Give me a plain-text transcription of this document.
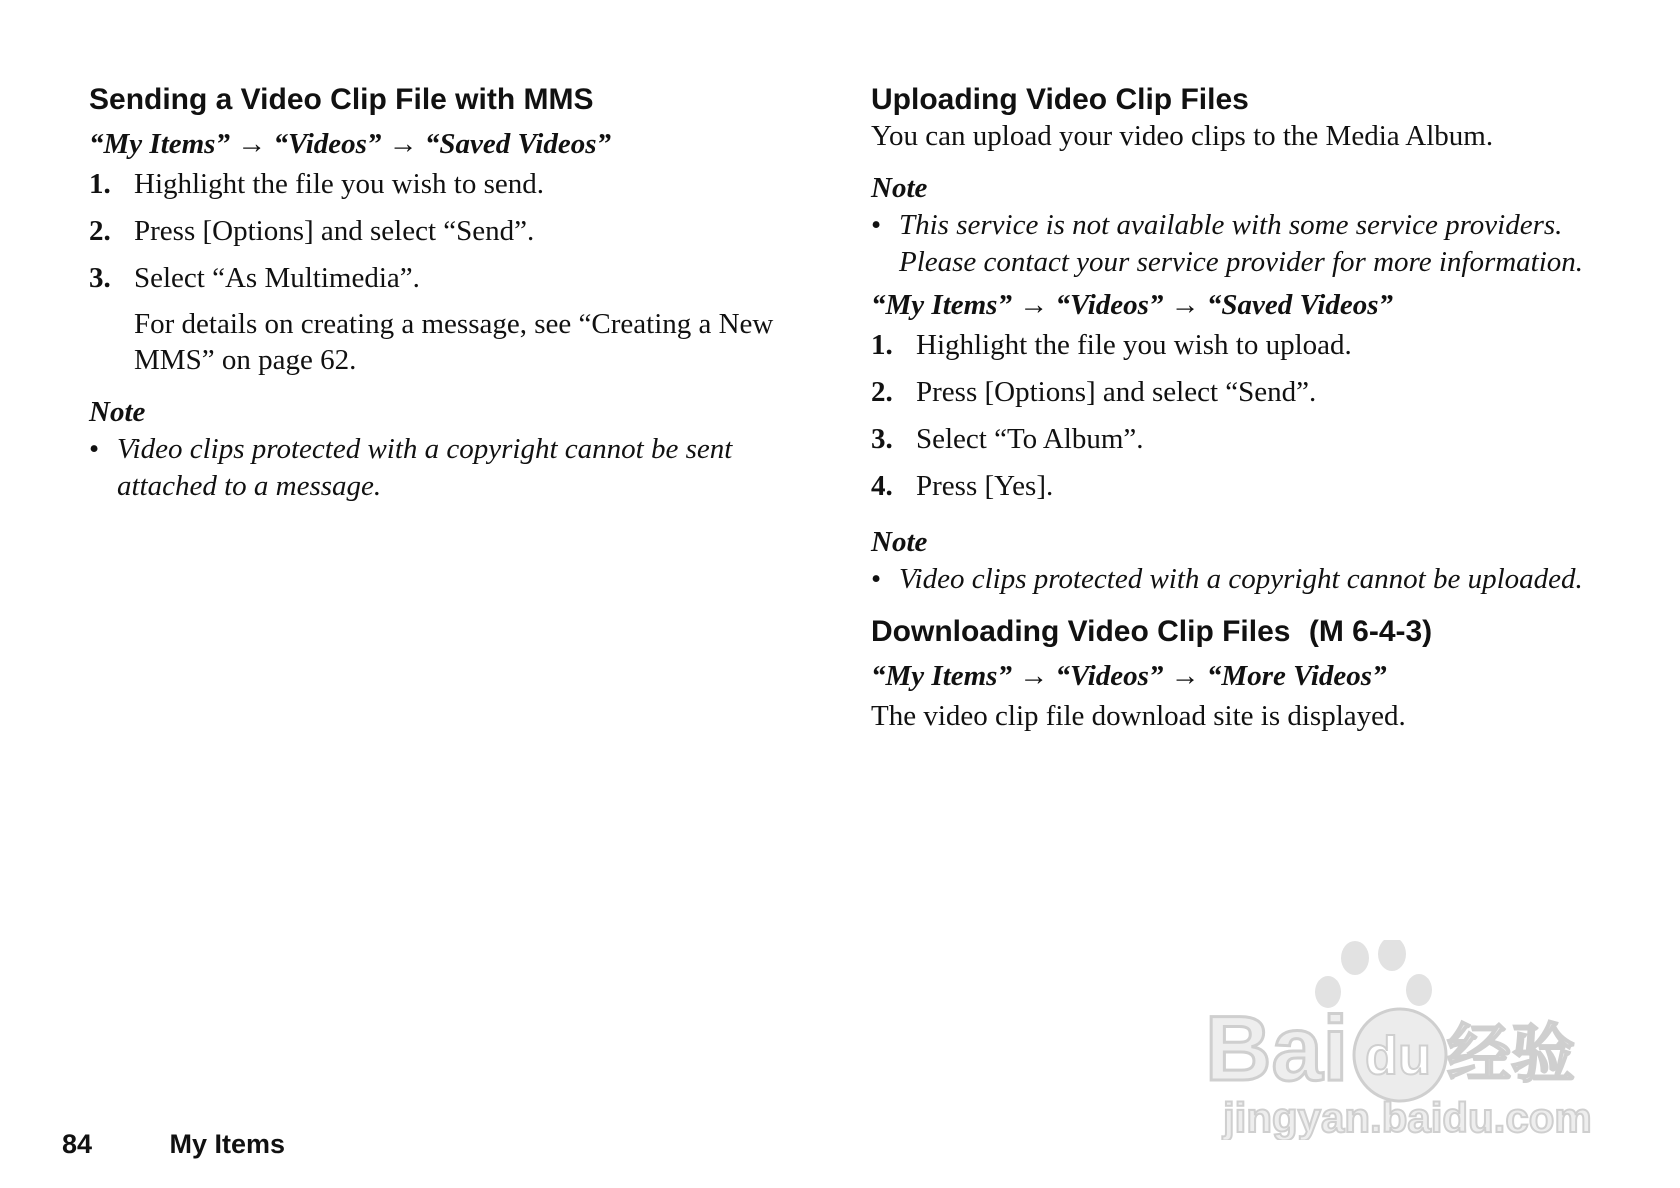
Sending a Video Clip File with MMS
“My Items” → “Videos” → “Saved Videos”
1. Highlight the file you wish to send.
2. Press [Options] and select “Send”.
3. Select “As Multimedia”.
For details on creating a message, see “Creating a New MMS” on page 62.
Note
• Video clips protected with a copyright cannot be sent attached to a message.
Uploading Video Clip Files

You can upload your video clips to the Media Album.

Note
• This service is not available with some service providers. Please contact your service provider for more information.
“My Items” → “Videos” → “Saved Videos”
1. Highlight the file you wish to upload.
2. Press [Options] and select “Send”.
3. Select “To Album”.
4. Press [Yes].
Note
• Video clips protected with a copyright cannot be uploaded.
Downloading Video Clip Files (M 6-4-3)
“My Items” → “Videos” → “More Videos”

The video clip file download site is displayed.

84	My Items
Bai du 经验
jingyan.baidu.com
